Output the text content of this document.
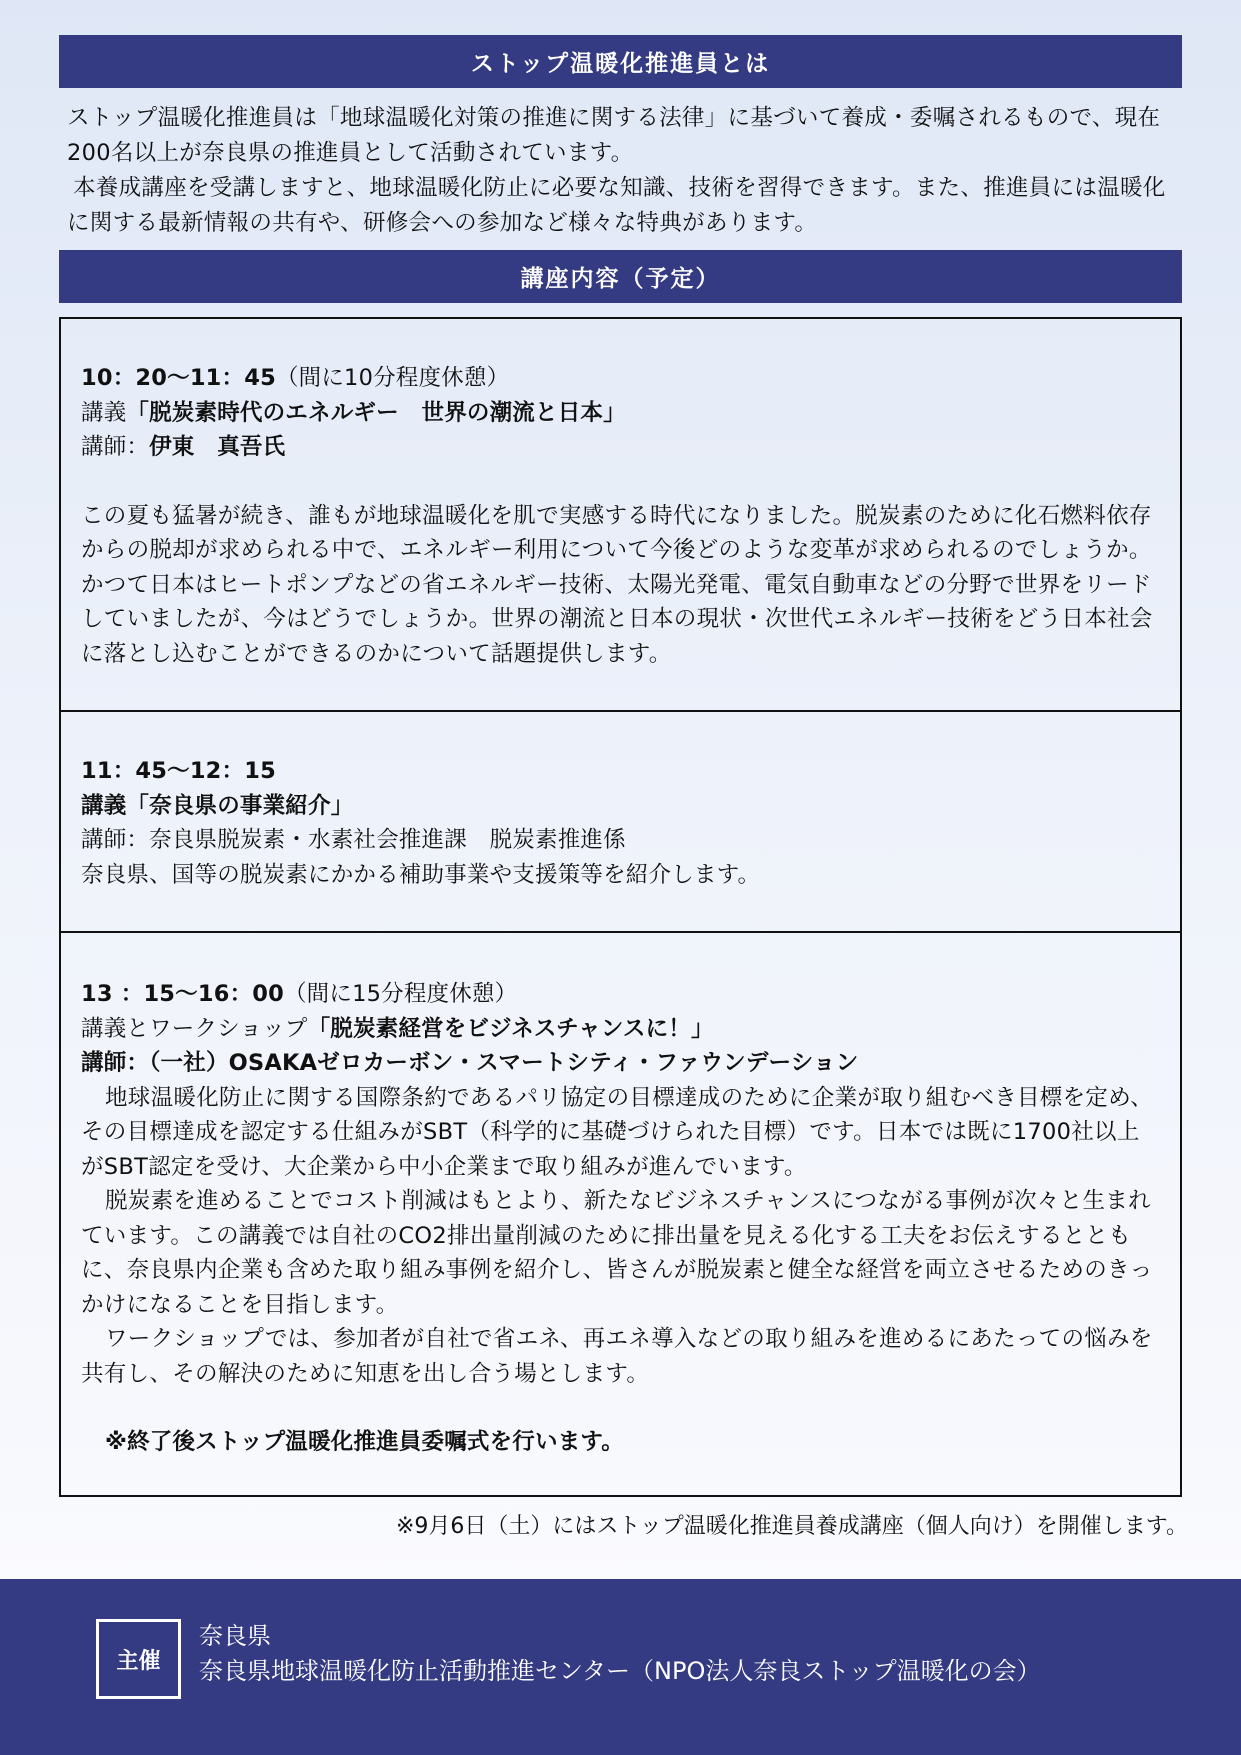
ストップ温暖化推進員とは

ストップ温暖化推進員は「地球温暖化対策の推進に関する法律」に基づいて養成・委嘱されるもので、現在200名以上が奈良県の推進員として活動されています。

本養成講座を受講しますと、地球温暖化防止に必要な知識、技術を習得できます。また、推進員には温暖化に関する最新情報の共有や、研修会への参加など様々な特典があります。

講座内容（予定）

10：20〜11：45（間に10分程度休憩）

講義「脱炭素時代のエネルギー　世界の潮流と日本」

講師：伊東　真吾氏

この夏も猛暑が続き、誰もが地球温暖化を肌で実感する時代になりました。脱炭素のために化石燃料依存からの脱却が求められる中で、エネルギー利用について今後どのような変革が求められるのでしょうか。かつて日本はヒートポンプなどの省エネルギー技術、太陽光発電、電気自動車などの分野で世界をリードしていましたが、今はどうでしょうか。世界の潮流と日本の現状・次世代エネルギー技術をどう日本社会に落とし込むことができるのかについて話題提供します。

11：45〜12：15

講義「奈良県の事業紹介」

講師：奈良県脱炭素・水素社会推進課　脱炭素推進係

奈良県、国等の脱炭素にかかる補助事業や支援策等を紹介します。

13 ：15〜16：00（間に15分程度休憩）

講義とワークショップ「脱炭素経営をビジネスチャンスに！」

講師：（一社）OSAKAゼロカーボン・スマートシティ・ファウンデーション

地球温暖化防止に関する国際条約であるパリ協定の目標達成のために企業が取り組むべき目標を定め、その目標達成を認定する仕組みがSBT（科学的に基礎づけられた目標）です。日本では既に1700社以上がSBT認定を受け、大企業から中小企業まで取り組みが進んでいます。

脱炭素を進めることでコスト削減はもとより、新たなビジネスチャンスにつながる事例が次々と生まれています。この講義では自社のCO2排出量削減のために排出量を見える化する工夫をお伝えするとともに、奈良県内企業も含めた取り組み事例を紹介し、皆さんが脱炭素と健全な経営を両立させるためのきっかけになることを目指します。

ワークショップでは、参加者が自社で省エネ、再エネ導入などの取り組みを進めるにあたっての悩みを共有し、その解決のために知恵を出し合う場とします。

※終了後ストップ温暖化推進員委嘱式を行います。

※9月6日（土）にはストップ温暖化推進員養成講座（個人向け）を開催します。
主催
奈良県
奈良県地球温暖化防止活動推進センター（NPO法人奈良ストップ温暖化の会）
